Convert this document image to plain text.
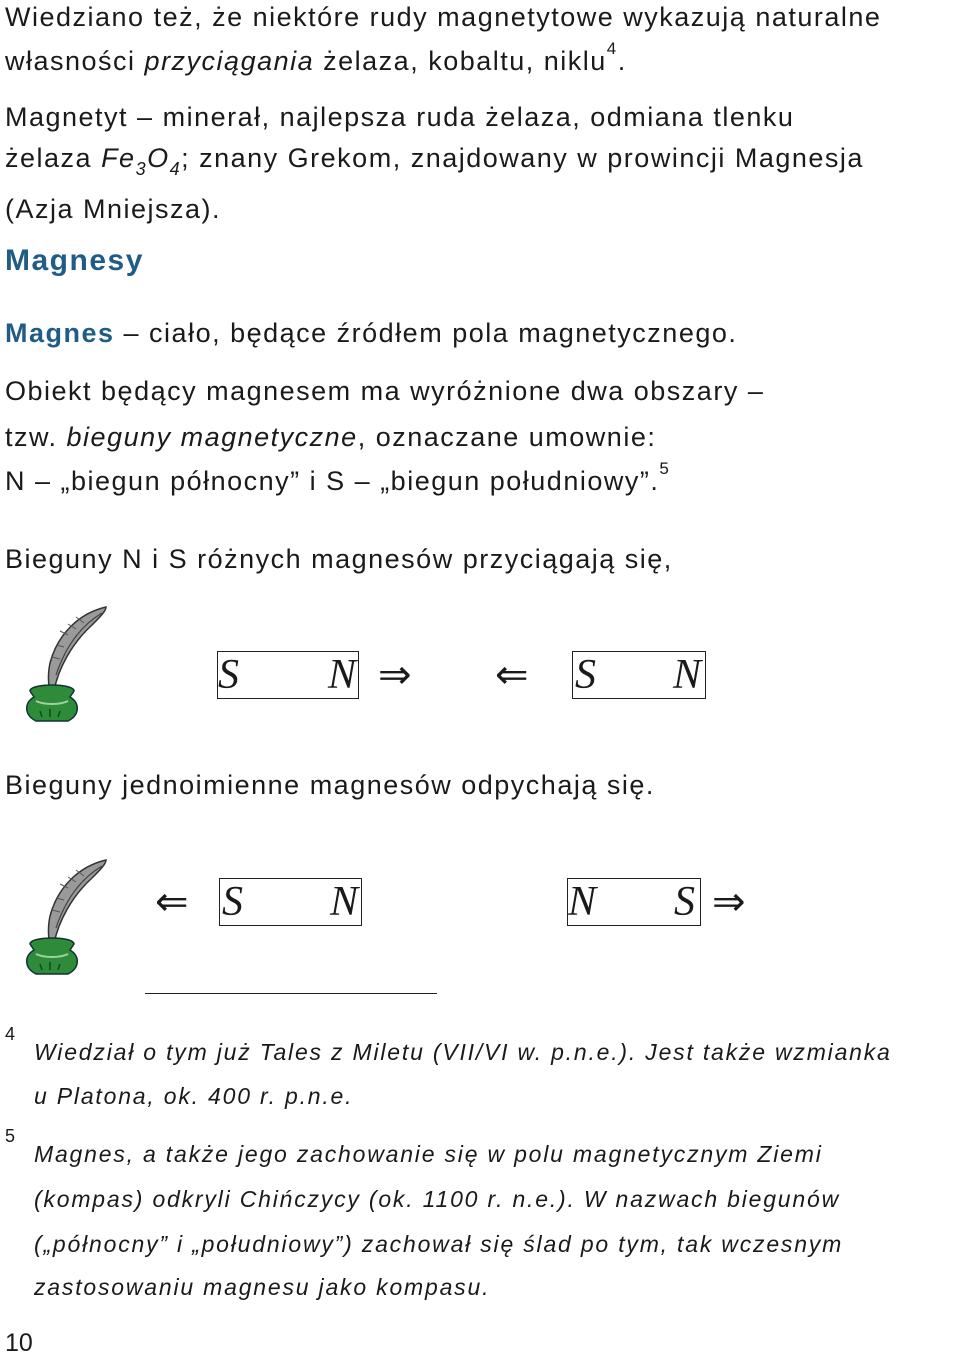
Wiedziano też, że niektóre rudy magnetytowe wykazują naturalne
własności przyciągania żelaza, kobaltu, niklu$^4$.
Magnetyt – minerał, najlepsza ruda żelaza, odmiana tlenku
żelaza $Fe_3O_4$; znany Grekom, znajdowany w prowincji Magnesja
(Azja Mniejsza).
Magnesy
Magnes – ciało, będące źródłem pola magnetycznego.
Obiekt będący magnesem ma wyróżnione dwa obszary –
tzw. bieguny magnetyczne, oznaczane umownie:
N – „biegun północny” i S – „biegun południowy”.$^5$
Bieguny N i S różnych magnesów przyciągają się,
S N ⇒ ⇐ S N
Bieguny jednoimienne magnesów odpychają się.
⇐ S N	N S ⇒
4
Wiedział o tym już Tales z Miletu (VII/VI w. p.n.e.). Jest także wzmianka
u Platona, ok. 400 r. p.n.e.
5
Magnes, a także jego zachowanie się w polu magnetycznym Ziemi
(kompas) odkryli Chińczycy (ok. 1100 r. n.e.). W nazwach biegunów
(„północny” i „południowy”) zachował się ślad po tym, tak wczesnym
zastosowaniu magnesu jako kompasu.
10
